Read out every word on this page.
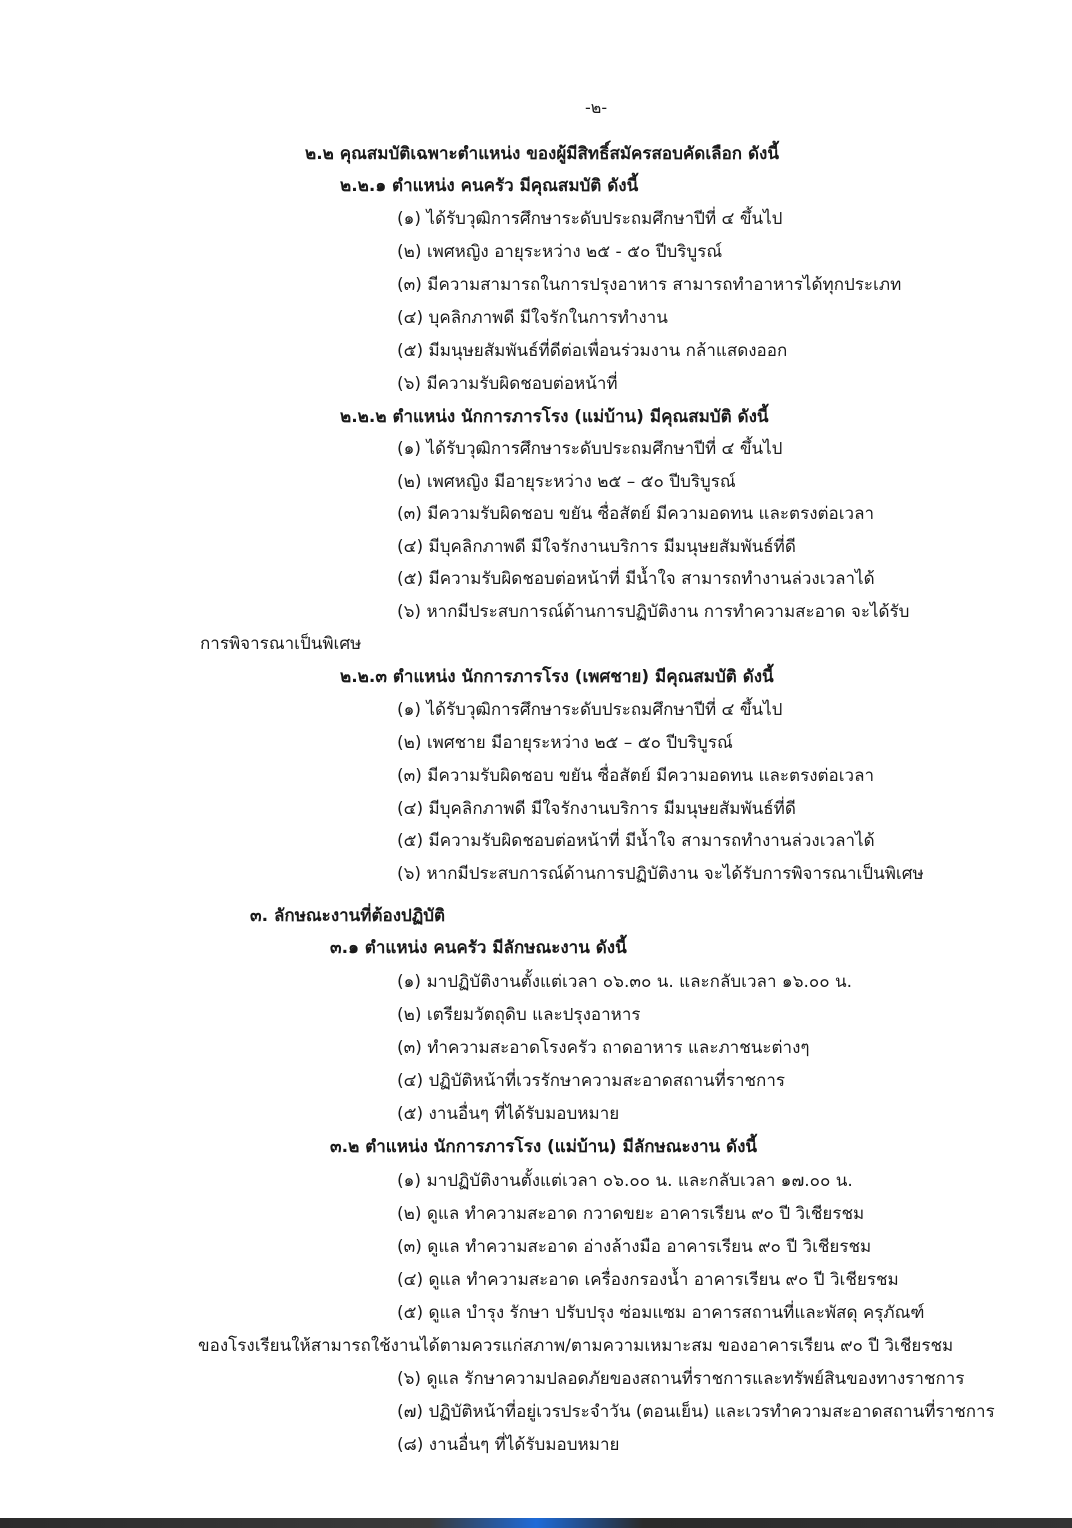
-๒-
๒.๒ คุณสมบัติเฉพาะตำแหน่ง ของผู้มีสิทธิ์สมัครสอบคัดเลือก ดังนี้
๒.๒.๑ ตำแหน่ง คนครัว มีคุณสมบัติ ดังนี้
(๑) ได้รับวุฒิการศึกษาระดับประถมศึกษาปีที่ ๔ ขึ้นไป
(๒) เพศหญิง อายุระหว่าง ๒๕ - ๕๐ ปีบริบูรณ์
(๓) มีความสามารถในการปรุงอาหาร สามารถทำอาหารได้ทุกประเภท
(๔) บุคลิกภาพดี มีใจรักในการทำงาน
(๕) มีมนุษยสัมพันธ์ที่ดีต่อเพื่อนร่วมงาน กล้าแสดงออก
(๖) มีความรับผิดชอบต่อหน้าที่
๒.๒.๒ ตำแหน่ง นักการภารโรง (แม่บ้าน) มีคุณสมบัติ ดังนี้
(๑) ได้รับวุฒิการศึกษาระดับประถมศึกษาปีที่ ๔ ขึ้นไป
(๒) เพศหญิง มีอายุระหว่าง ๒๕ – ๕๐ ปีบริบูรณ์
(๓) มีความรับผิดชอบ ขยัน ซื่อสัตย์ มีความอดทน และตรงต่อเวลา
(๔) มีบุคลิกภาพดี มีใจรักงานบริการ มีมนุษยสัมพันธ์ที่ดี
(๕) มีความรับผิดชอบต่อหน้าที่ มีน้ำใจ สามารถทำงานล่วงเวลาได้
(๖) หากมีประสบการณ์ด้านการปฏิบัติงาน การทำความสะอาด จะได้รับ
การพิจารณาเป็นพิเศษ
๒.๒.๓ ตำแหน่ง นักการภารโรง (เพศชาย) มีคุณสมบัติ ดังนี้
(๑) ได้รับวุฒิการศึกษาระดับประถมศึกษาปีที่ ๔ ขึ้นไป
(๒) เพศชาย มีอายุระหว่าง ๒๕ – ๕๐ ปีบริบูรณ์
(๓) มีความรับผิดชอบ ขยัน ซื่อสัตย์ มีความอดทน และตรงต่อเวลา
(๔) มีบุคลิกภาพดี มีใจรักงานบริการ มีมนุษยสัมพันธ์ที่ดี
(๕) มีความรับผิดชอบต่อหน้าที่ มีน้ำใจ สามารถทำงานล่วงเวลาได้
(๖) หากมีประสบการณ์ด้านการปฏิบัติงาน จะได้รับการพิจารณาเป็นพิเศษ
๓. ลักษณะงานที่ต้องปฏิบัติ
๓.๑ ตำแหน่ง คนครัว มีลักษณะงาน ดังนี้
(๑) มาปฏิบัติงานตั้งแต่เวลา ๐๖.๓๐ น. และกลับเวลา ๑๖.๐๐ น.
(๒) เตรียมวัตถุดิบ และปรุงอาหาร
(๓) ทำความสะอาดโรงครัว ถาดอาหาร และภาชนะต่างๆ
(๔) ปฏิบัติหน้าที่เวรรักษาความสะอาดสถานที่ราชการ
(๕) งานอื่นๆ ที่ได้รับมอบหมาย
๓.๒ ตำแหน่ง นักการภารโรง (แม่บ้าน) มีลักษณะงาน ดังนี้
(๑) มาปฏิบัติงานตั้งแต่เวลา ๐๖.๐๐ น. และกลับเวลา ๑๗.๐๐ น.
(๒) ดูแล ทำความสะอาด กวาดขยะ อาคารเรียน ๙๐ ปี วิเชียรชม
(๓) ดูแล ทำความสะอาด อ่างล้างมือ อาคารเรียน ๙๐ ปี วิเชียรชม
(๔) ดูแล ทำความสะอาด เครื่องกรองน้ำ อาคารเรียน ๙๐ ปี วิเชียรชม
(๕) ดูแล บำรุง รักษา ปรับปรุง ซ่อมแซม อาคารสถานที่และพัสดุ ครุภัณฑ์
ของโรงเรียนให้สามารถใช้งานได้ตามควรแก่สภาพ/ตามความเหมาะสม ของอาคารเรียน ๙๐ ปี วิเชียรชม
(๖) ดูแล รักษาความปลอดภัยของสถานที่ราชการและทรัพย์สินของทางราชการ
(๗) ปฏิบัติหน้าที่อยู่เวรประจำวัน (ตอนเย็น) และเวรทำความสะอาดสถานที่ราชการ
(๘) งานอื่นๆ ที่ได้รับมอบหมาย
